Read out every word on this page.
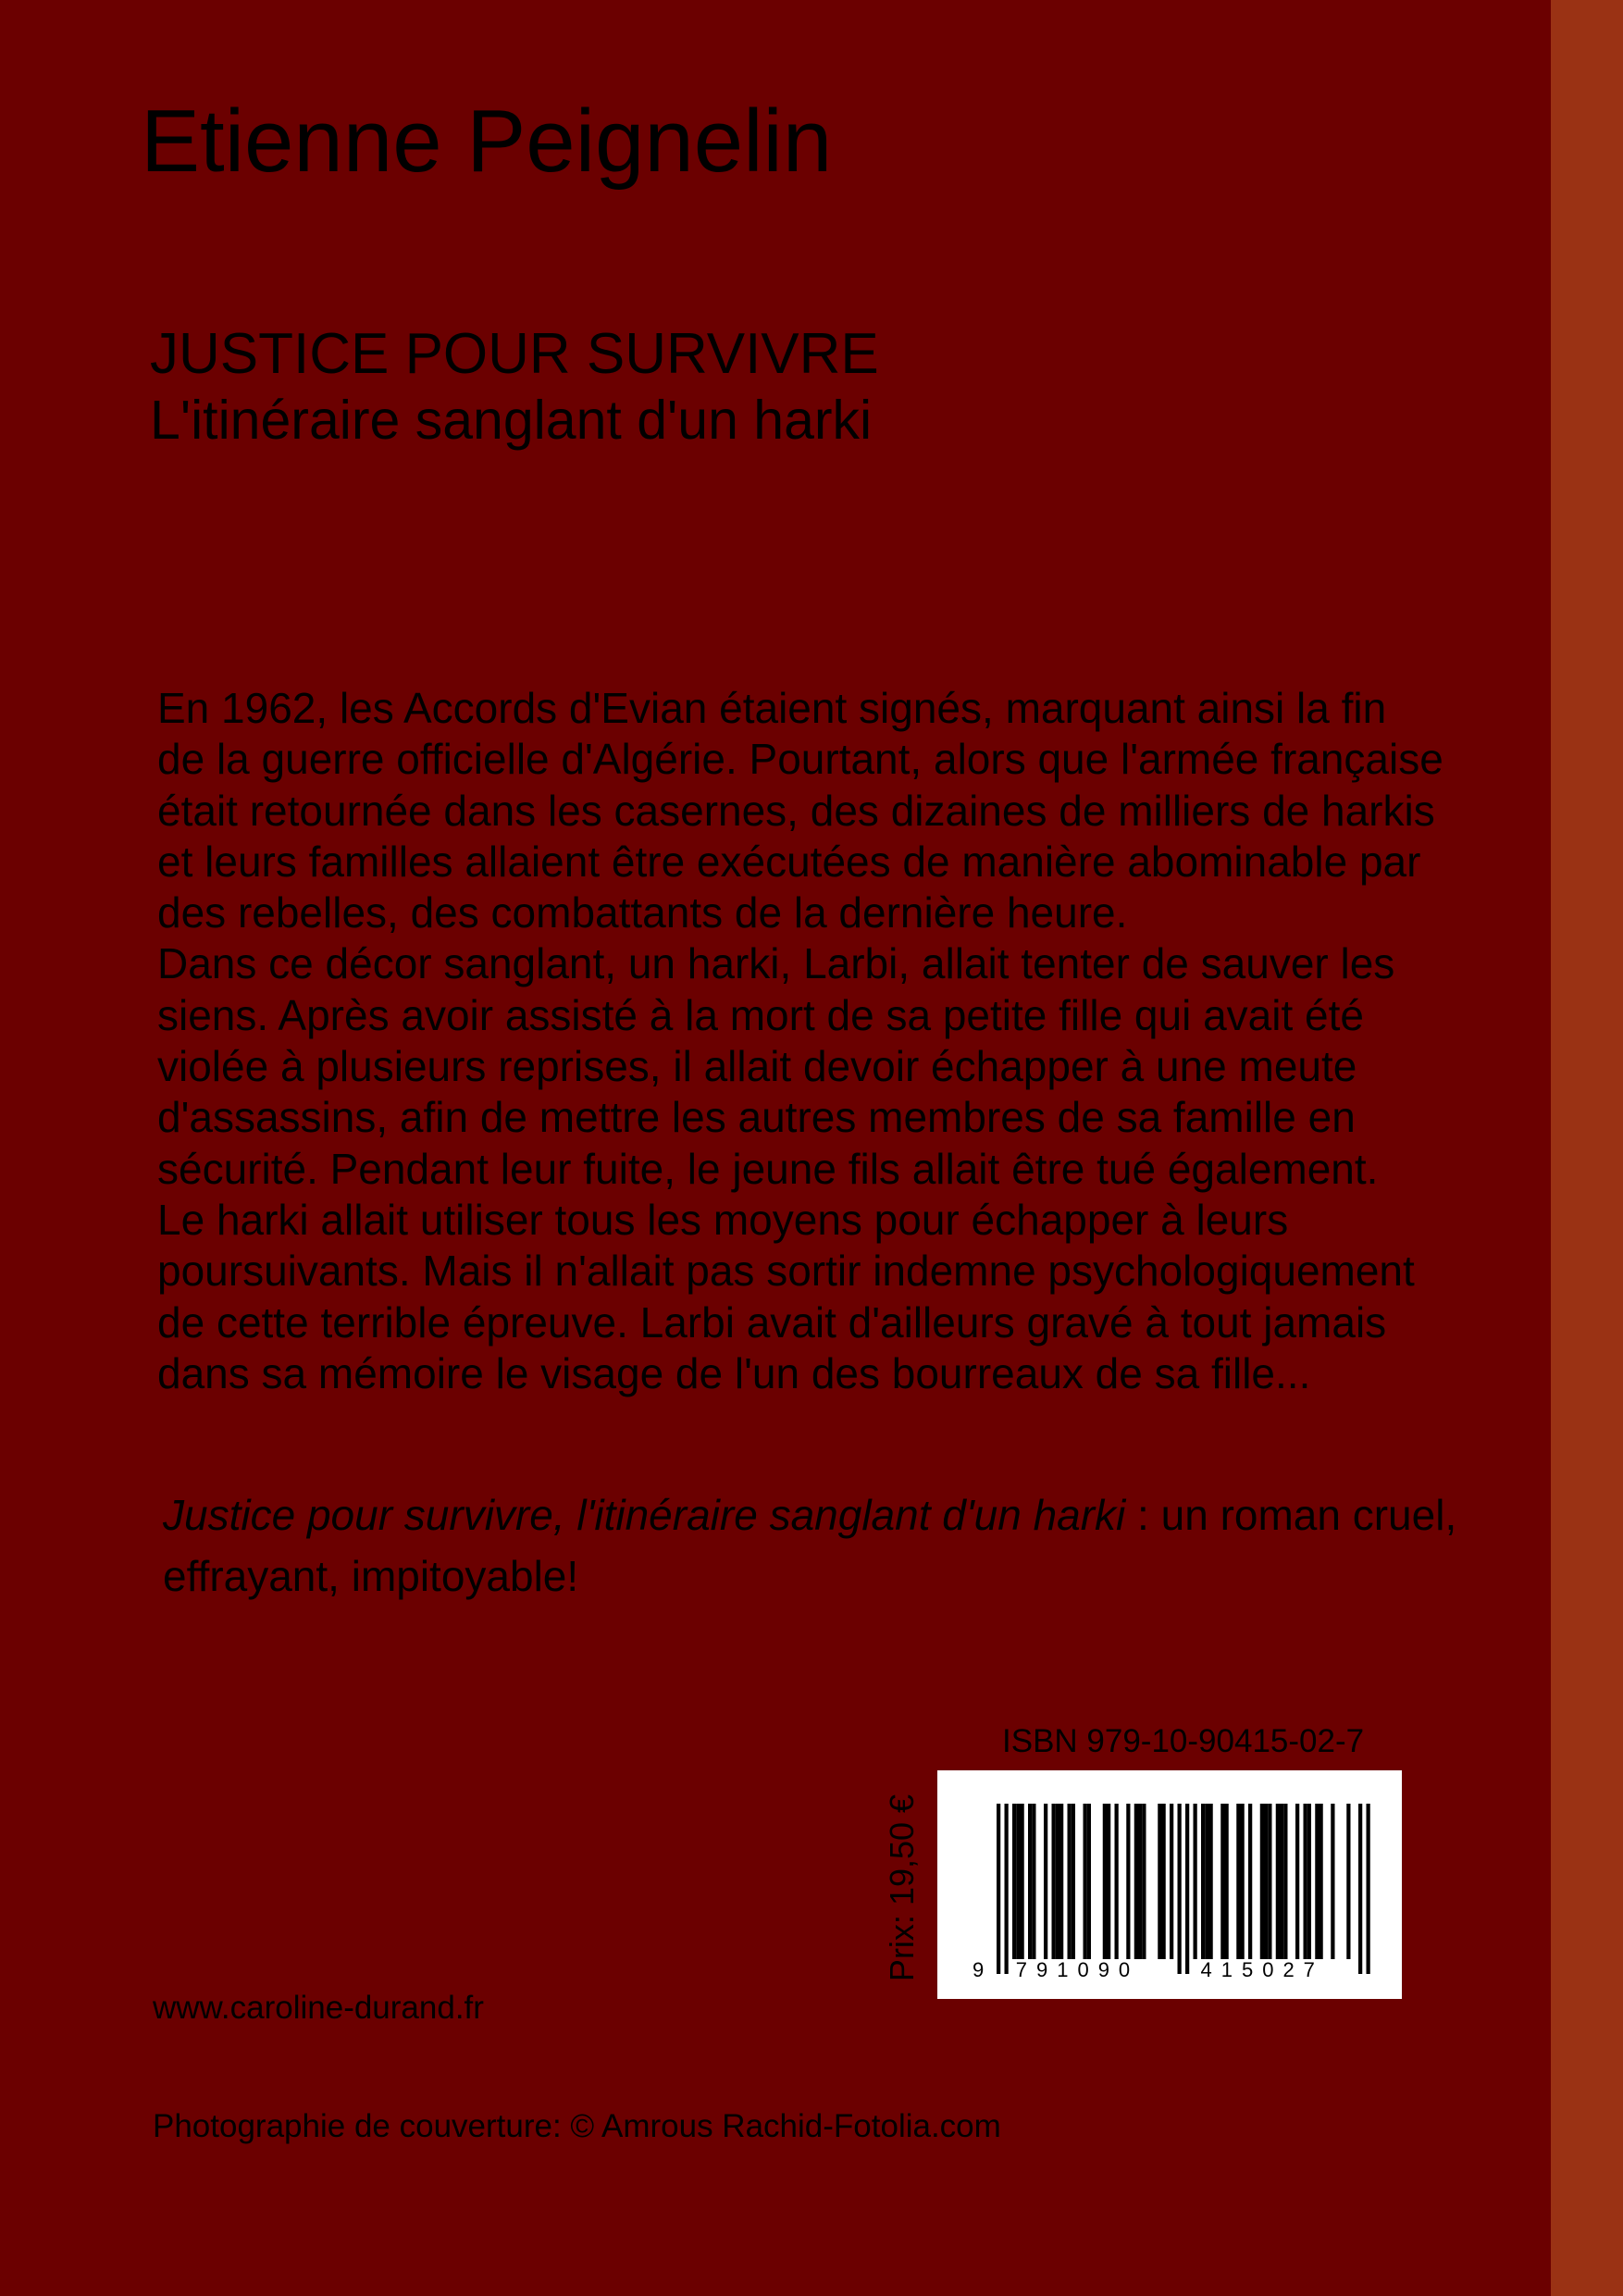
Etienne Peignelin
JUSTICE POUR SURVIVRE
L'itinéraire sanglant d'un harki
En 1962, les Accords d'Evian étaient signés, marquant ainsi la fin
de la guerre officielle d'Algérie. Pourtant, alors que l'armée française
était retournée dans les casernes, des dizaines de milliers de harkis
et leurs familles allaient être exécutées de manière abominable par
des rebelles, des combattants de la dernière heure.
Dans ce décor sanglant, un harki, Larbi, allait tenter de sauver les
siens. Après avoir assisté à la mort de sa petite fille qui avait été
violée à plusieurs reprises, il allait devoir échapper à une meute
d'assassins, afin de mettre les autres membres de sa famille en
sécurité. Pendant leur fuite, le jeune fils allait être tué également.
Le harki allait utiliser tous les moyens pour échapper à leurs
poursuivants. Mais il n'allait pas sortir indemne psychologiquement
de cette terrible épreuve. Larbi avait d'ailleurs gravé à tout jamais
dans sa mémoire le visage de l'un des bourreaux de sa fille...
Justice pour survivre, l'itinéraire sanglant d'un harki : un roman cruel,
effrayant, impitoyable!
ISBN 979-10-90415-02-7
Prix: 19,50 €	9 791090	415027
www.caroline-durand.fr
Photographie de couverture: © Amrous Rachid-Fotolia.com
